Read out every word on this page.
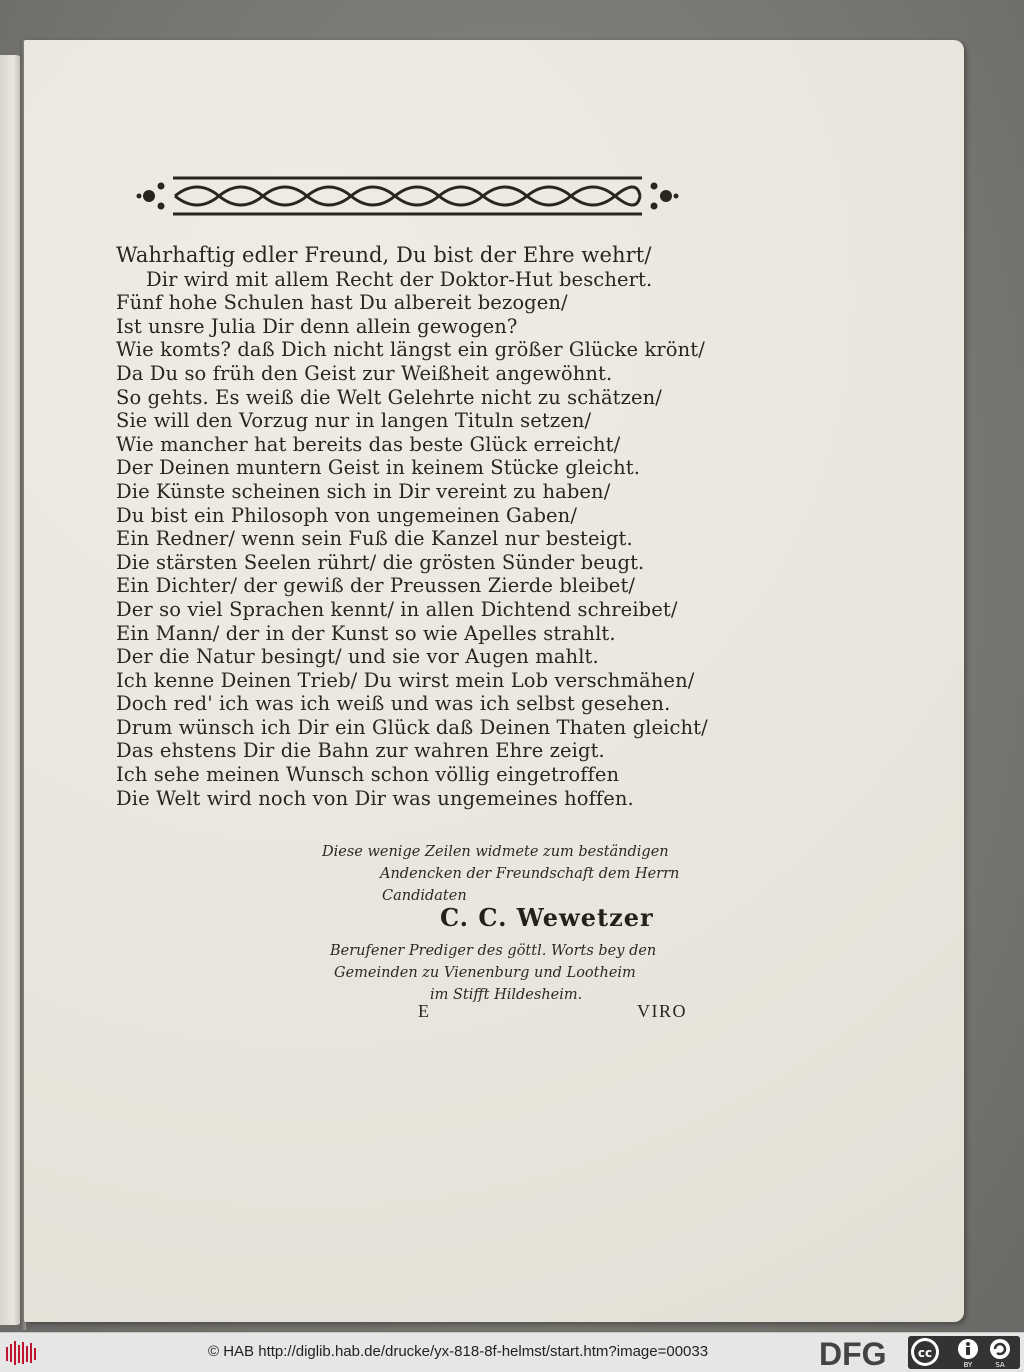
Wahrhaftig edler Freund, Du bist der Ehre wehrt/
Dir wird mit allem Recht der Doktor-Hut beschert.
Fünf hohe Schulen hast Du albereit bezogen/
Ist unsre Julia Dir denn allein gewogen?
Wie komts? daß Dich nicht längst ein größer Glücke krönt/
Da Du so früh den Geist zur Weißheit angewöhnt.
So gehts. Es weiß die Welt Gelehrte nicht zu schätzen/
Sie will den Vorzug nur in langen Tituln setzen/
Wie mancher hat bereits das beste Glück erreicht/
Der Deinen muntern Geist in keinem Stücke gleicht.
Die Künste scheinen sich in Dir vereint zu haben/
Du bist ein Philosoph von ungemeinen Gaben/
Ein Redner/ wenn sein Fuß die Kanzel nur besteigt.
Die stärsten Seelen rührt/ die grösten Sünder beugt.
Ein Dichter/ der gewiß der Preussen Zierde bleibet/
Der so viel Sprachen kennt/ in allen Dichtend schreibet/
Ein Mann/ der in der Kunst so wie Apelles strahlt.
Der die Natur besingt/ und sie vor Augen mahlt.
Ich kenne Deinen Trieb/ Du wirst mein Lob verschmähen/
Doch red' ich was ich weiß und was ich selbst gesehen.
Drum wünsch ich Dir ein Glück daß Deinen Thaten gleicht/
Das ehstens Dir die Bahn zur wahren Ehre zeigt.
Ich sehe meinen Wunsch schon völlig eingetroffen
Die Welt wird noch von Dir was ungemeines hoffen.
Diese wenige Zeilen widmete zum beständigen
Andencken der Freundschaft dem Herrn
Candidaten
C. C. Wewetzer
Berufener Prediger des göttl. Worts bey den
Gemeinden zu Vienenburg und Lootheim
im Stifft Hildesheim.
E	VIRO
© HAB http://diglib.hab.de/drucke/yx-818-8f-helmst/start.htm?image=00033	DFG	cc
BY	SA
